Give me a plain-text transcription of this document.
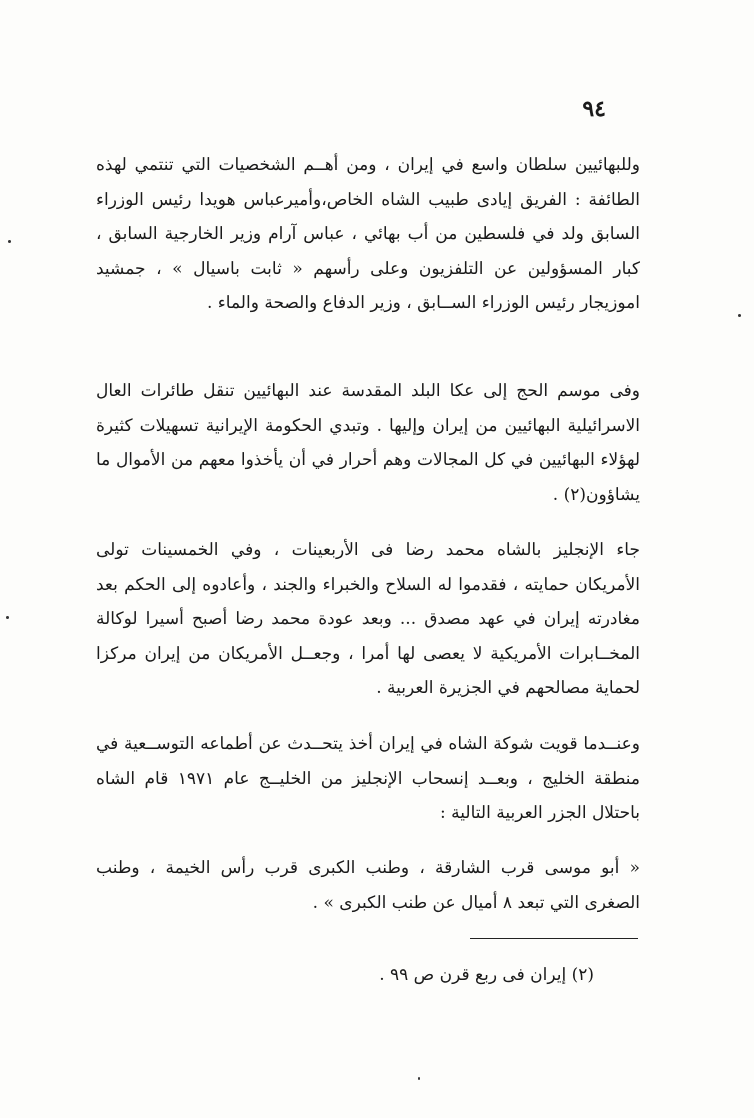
٩٤

وللبهائيين سلطان واسع في إيران ، ومن أهــم الشخصيات التي تنتمي لهذه الطائفة : الفريق إيادى طبيب الشاه الخاص،وأميرعباس هويدا رئيس الوزراء السابق ولد في فلسطين من أب بهائي ، عباس آرام وزير الخارجية السابق ، كبار المسؤولين عن التلفزيون وعلى رأسهم « ثابت باسيال » ، جمشيد اموزيجار رئيس الوزراء الســابق ، وزير الدفاع والصحة والماء .

وفى موسم الحج إلى عكا البلد المقدسة عند البهائيين تنقل طائرات العال الاسرائيلية البهائيين من إيران وإليها . وتبدي الحكومة الإيرانية تسهيلات كثيرة لهؤلاء البهائيين في كل المجالات وهم أحرار في أن يأخذوا معهم من الأموال ما يشاؤون(٢) .

جاء الإنجليز بالشاه محمد رضا فى الأربعينات ، وفي الخمسينات تولى الأمريكان حمايته ، فقدموا له السلاح والخبراء والجند ، وأعادوه إلى الحكم بعد مغادرته إيران في عهد مصدق ... وبعد عودة محمد رضا أصبح أسيرا لوكالة المخــابرات الأمريكية لا يعصى لها أمرا ، وجعــل الأمريكان من إيران مركزا لحماية مصالحهم في الجزيرة العربية .

وعنــدما قويت شوكة الشاه في إيران أخذ يتحــدث عن أطماعه التوســعية في منطقة الخليج ، وبعــد إنسحاب الإنجليز من الخليــج عام ١٩٧١ قام الشاه باحتلال الجزر العربية التالية :

« أبو موسى قرب الشارقة ، وطنب الكبرى قرب رأس الخيمة ، وطنب الصغرى التي تبعد ٨ أميال عن طنب الكبرى » .

(٢) إيران فى ربع قرن ص ٩٩ .
